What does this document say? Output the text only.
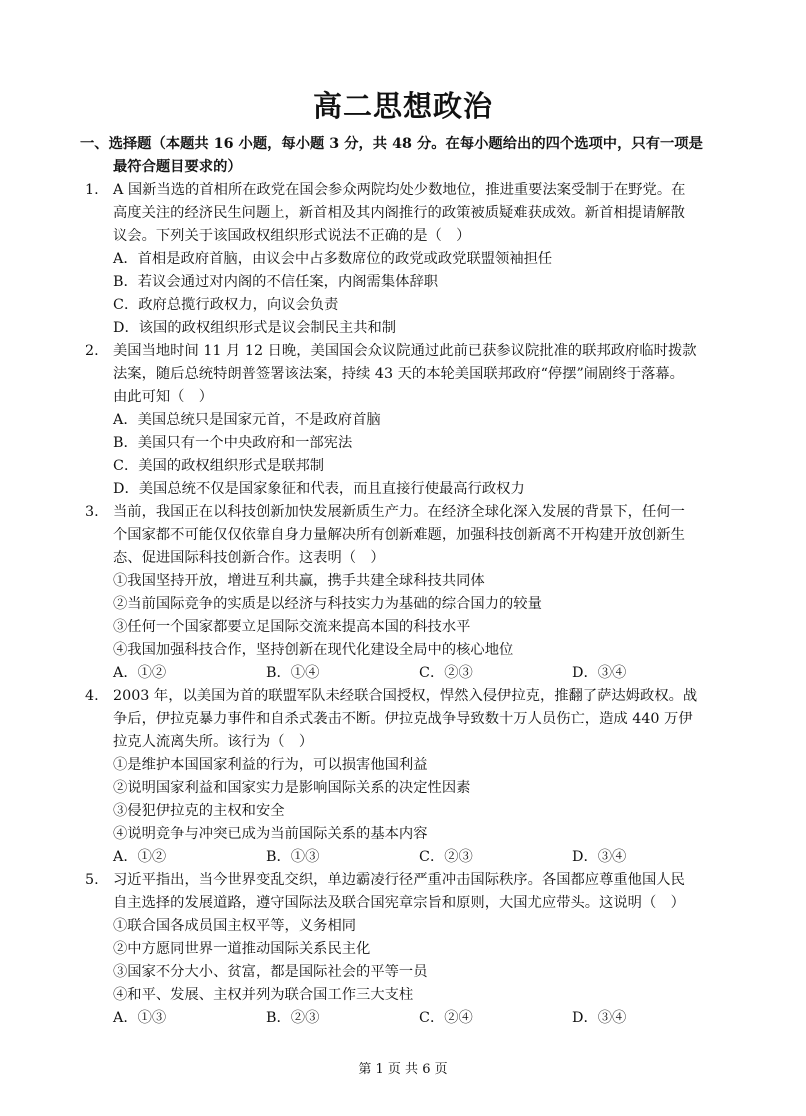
高二思想政治
一、选择题（本题共 16 小题，每小题 3 分，共 48 分。在每小题给出的四个选项中，只有一项是
最符合题目要求的）
1. A 国新当选的首相所在政党在国会参众两院均处少数地位，推进重要法案受制于在野党。在
高度关注的经济民生问题上，新首相及其内阁推行的政策被质疑难获成效。新首相提请解散
议会。下列关于该国政权组织形式说法不正确的是（　）
A．首相是政府首脑，由议会中占多数席位的政党或政党联盟领袖担任
B．若议会通过对内阁的不信任案，内阁需集体辞职
C．政府总揽行政权力，向议会负责
D．该国的政权组织形式是议会制民主共和制
2. 美国当地时间 11 月 12 日晚，美国国会众议院通过此前已获参议院批准的联邦政府临时拨款
法案，随后总统特朗普签署该法案，持续 43 天的本轮美国联邦政府“停摆”闹剧终于落幕。
由此可知（　）
A．美国总统只是国家元首，不是政府首脑
B．美国只有一个中央政府和一部宪法
C．美国的政权组织形式是联邦制
D．美国总统不仅是国家象征和代表，而且直接行使最高行政权力
3. 当前，我国正在以科技创新加快发展新质生产力。在经济全球化深入发展的背景下，任何一
个国家都不可能仅仅依靠自身力量解决所有创新难题，加强科技创新离不开构建开放创新生
态、促进国际科技创新合作。这表明（　）
①我国坚持开放，增进互利共赢，携手共建全球科技共同体
②当前国际竞争的实质是以经济与科技实力为基础的综合国力的较量
③任何一个国家都要立足国际交流来提高本国的科技水平
④我国加强科技合作，坚持创新在现代化建设全局中的核心地位
A．①②	B．①④	C．②③	D．③④
4. 2003 年，以美国为首的联盟军队未经联合国授权，悍然入侵伊拉克，推翻了萨达姆政权。战
争后，伊拉克暴力事件和自杀式袭击不断。伊拉克战争导致数十万人员伤亡，造成 440 万伊
拉克人流离失所。该行为（　）
①是维护本国国家利益的行为，可以损害他国利益
②说明国家利益和国家实力是影响国际关系的决定性因素
③侵犯伊拉克的主权和安全
④说明竞争与冲突已成为当前国际关系的基本内容
A．①②	B．①③	C．②③	D．③④
5. 习近平指出，当今世界变乱交织，单边霸凌行径严重冲击国际秩序。各国都应尊重他国人民
自主选择的发展道路，遵守国际法及联合国宪章宗旨和原则，大国尤应带头。这说明（　）
①联合国各成员国主权平等，义务相同
②中方愿同世界一道推动国际关系民主化
③国家不分大小、贫富，都是国际社会的平等一员
④和平、发展、主权并列为联合国工作三大支柱
A．①③	B．②③	C．②④	D．③④
第 1 页 共 6 页
